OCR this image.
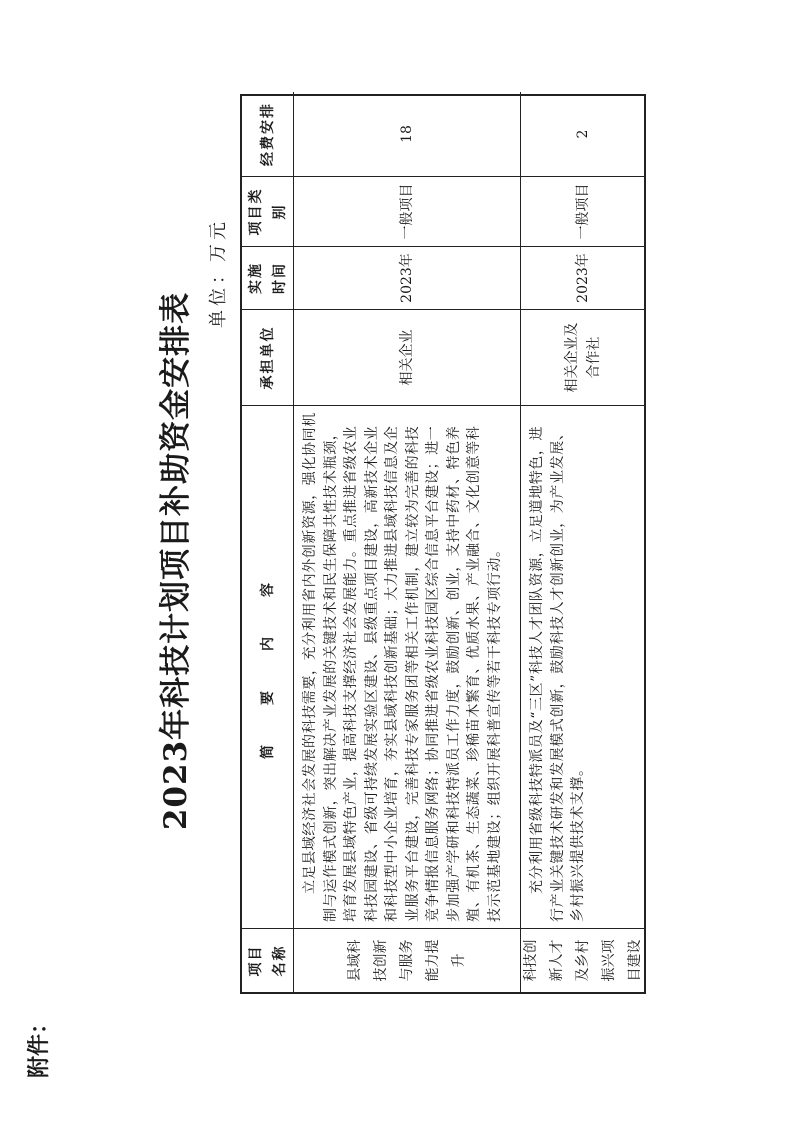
附件：
2023年科技计划项目补助资金安排表
单位：万元
项目名称
简要内容
承担单位
实施时间
项目类别
经费安排
县域科技创新与服务能力提升
立足县域经济社会发展的科技需要，充分利用省内外创新资源，强化协同机制与运作模式创新，突出解决产业发展的关键技术和民生保障共性技术瓶颈，培育发展县域特色产业，提高科技支撑经济社会发展能力。重点推进省级农业科技园建设、省级可持续发展实验区建设、县级重点项目建设，高新技术企业和科技型中小企业培育，夯实县域科技创新基础；大力推进县域科技信息及企业服务平台建设，完善科技专家服务团等相关工作机制，建立较为完善的科技竞争情报信息服务网络；协同推进省级农业科技园区综合信息平台建设；进一步加强产学研和科技特派员工作力度，鼓励创新、创业，支持中药材、特色养殖、有机茶、生态蔬菜、珍稀苗木繁育、优质水果、产业融合、文化创意等科技示范基地建设；组织开展科普宣传等若干科技专项行动。
相关企业
2023年
一般项目
18
科技创新人才及乡村振兴项目建设
充分利用省级科技特派员及“三区”科技人才团队资源，立足道地特色，进行产业关键技术研发和发展模式创新，鼓励科技人才创新创业，为产业发展、乡村振兴提供技术支撑。
相关企业及合作社
2023年
一般项目
2
